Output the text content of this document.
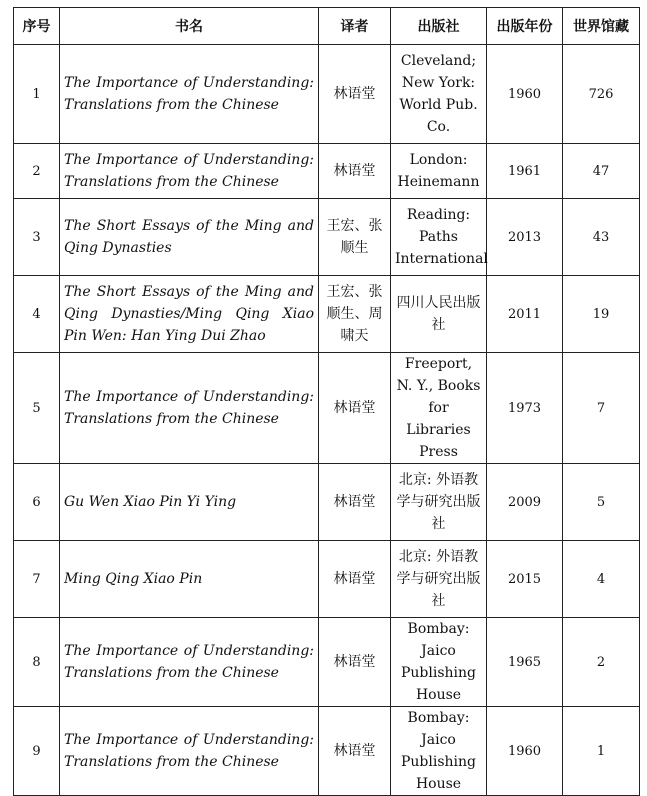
序号	书名	译者	出版社	出版年份	世界馆藏
1	The Importance of Understanding: Translations from the Chinese	林语堂	Cleveland; New York: World Pub. Co.	1960	726
2	The Importance of Understanding: Translations from the Chinese	林语堂	London: Heinemann	1961	47
3	The Short Essays of the Ming and Qing Dynasties	王宏、张顺生	Reading: Paths International	2013	43
4	The Short Essays of the Ming and Qing Dynasties/Ming Qing Xiao Pin Wen: Han Ying Dui Zhao	王宏、张顺生、周啸天	四川人民出版社	2011	19
5	The Importance of Understanding: Translations from the Chinese	林语堂	Freeport, N. Y., Books for Libraries Press	1973	7
6	Gu Wen Xiao Pin Yi Ying	林语堂	北京: 外语教学与研究出版社	2009	5
7	Ming Qing Xiao Pin	林语堂	北京: 外语教学与研究出版社	2015	4
8	The Importance of Understanding: Translations from the Chinese	林语堂	Bombay: Jaico Publishing House	1965	2
9	The Importance of Understanding: Translations from the Chinese	林语堂	Bombay: Jaico Publishing House	1960	1
